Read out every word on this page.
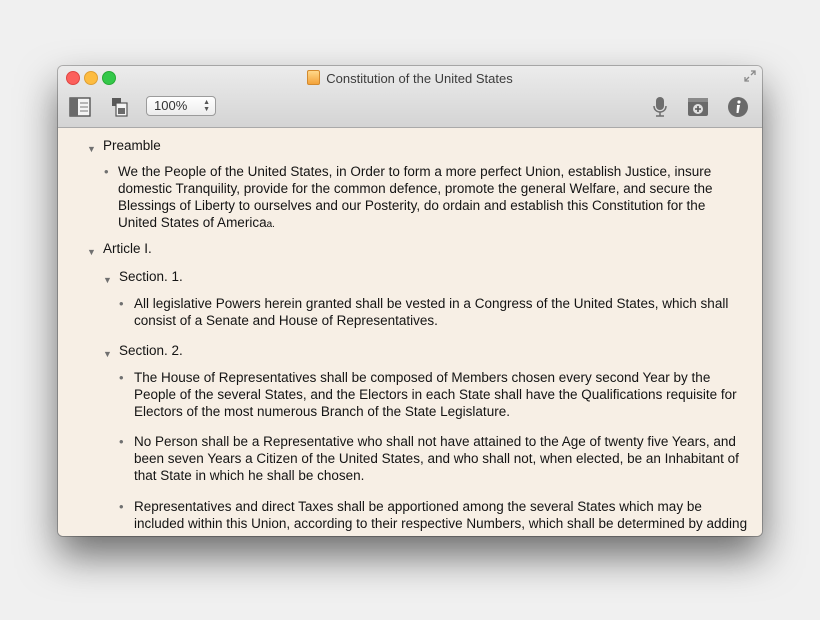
Constitution of the United States
100% ▲
▼
▼ Preamble
• We the People of the United States, in Order to form a more perfect Union, establish Justice, insure
domestic Tranquility, provide for the common defence, promote the general Welfare, and secure the
Blessings of Liberty to ourselves and our Posterity, do ordain and establish this Constitution for the
United States of Americaa.
▼ Article I.
▼ Section. 1.
• All legislative Powers herein granted shall be vested in a Congress of the United States, which shall
consist of a Senate and House of Representatives.
▼ Section. 2.
• The House of Representatives shall be composed of Members chosen every second Year by the
People of the several States, and the Electors in each State shall have the Qualifications requisite for
Electors of the most numerous Branch of the State Legislature.
• No Person shall be a Representative who shall not have attained to the Age of twenty five Years, and
been seven Years a Citizen of the United States, and who shall not, when elected, be an Inhabitant of
that State in which he shall be chosen.
• Representatives and direct Taxes shall be apportioned among the several States which may be
included within this Union, according to their respective Numbers, which shall be determined by adding
